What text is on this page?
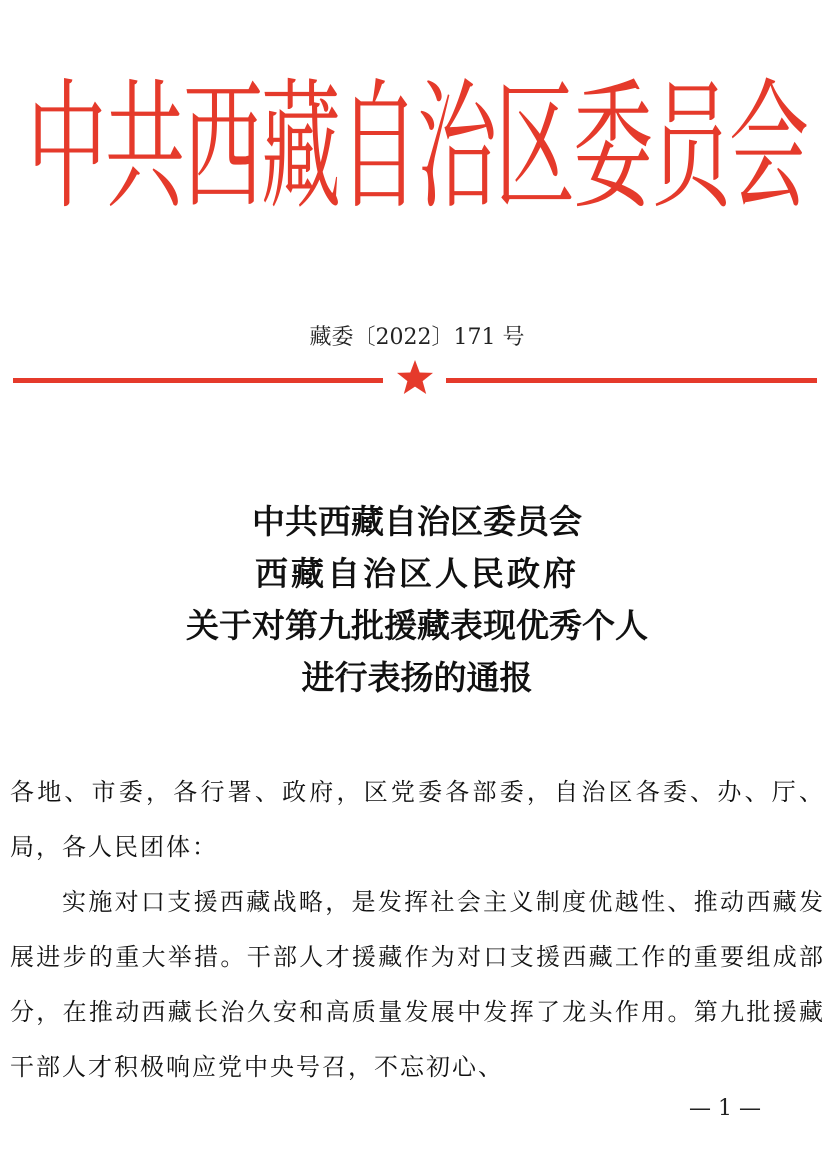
中共西藏自治区委员会
藏委〔2022〕171 号
中共西藏自治区委员会
西藏自治区人民政府
关于对第九批援藏表现优秀个人
进行表扬的通报

各地、市委，各行署、政府，区党委各部委，自治区各委、办、厅、局，各人民团体：

实施对口支援西藏战略，是发挥社会主义制度优越性、推动西藏发展进步的重大举措。干部人才援藏作为对口支援西藏工作的重要组成部分，在推动西藏长治久安和高质量发展中发挥了龙头作用。第九批援藏干部人才积极响应党中央号召，不忘初心、

— 1 —
